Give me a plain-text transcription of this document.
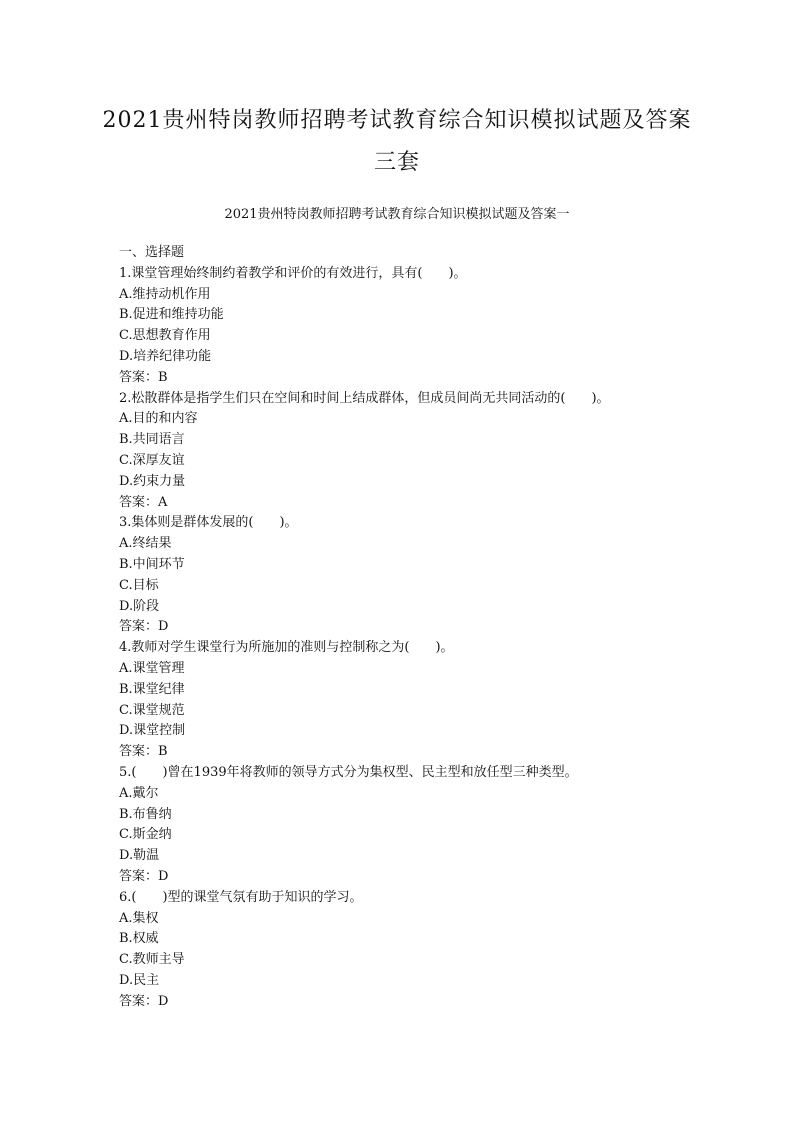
2021贵州特岗教师招聘考试教育综合知识模拟试题及答案
三套
2021贵州特岗教师招聘考试教育综合知识模拟试题及答案一
一、选择题
1.课堂管理始终制约着教学和评价的有效进行，具有(　　)。
A.维持动机作用
B.促进和维持功能
C.思想教育作用
D.培养纪律功能
答案：B
2.松散群体是指学生们只在空间和时间上结成群体，但成员间尚无共同活动的(　　)。
A.目的和内容
B.共同语言
C.深厚友谊
D.约束力量
答案：A
3.集体则是群体发展的(　　)。
A.终结果
B.中间环节
C.目标
D.阶段
答案：D
4.教师对学生课堂行为所施加的准则与控制称之为(　　)。
A.课堂管理
B.课堂纪律
C.课堂规范
D.课堂控制
答案：B
5.(　　)曾在1939年将教师的领导方式分为集权型、民主型和放任型三种类型。
A.戴尔
B.布鲁纳
C.斯金纳
D.勒温
答案：D
6.(　　)型的课堂气氛有助于知识的学习。
A.集权
B.权威
C.教师主导
D.民主
答案：D
